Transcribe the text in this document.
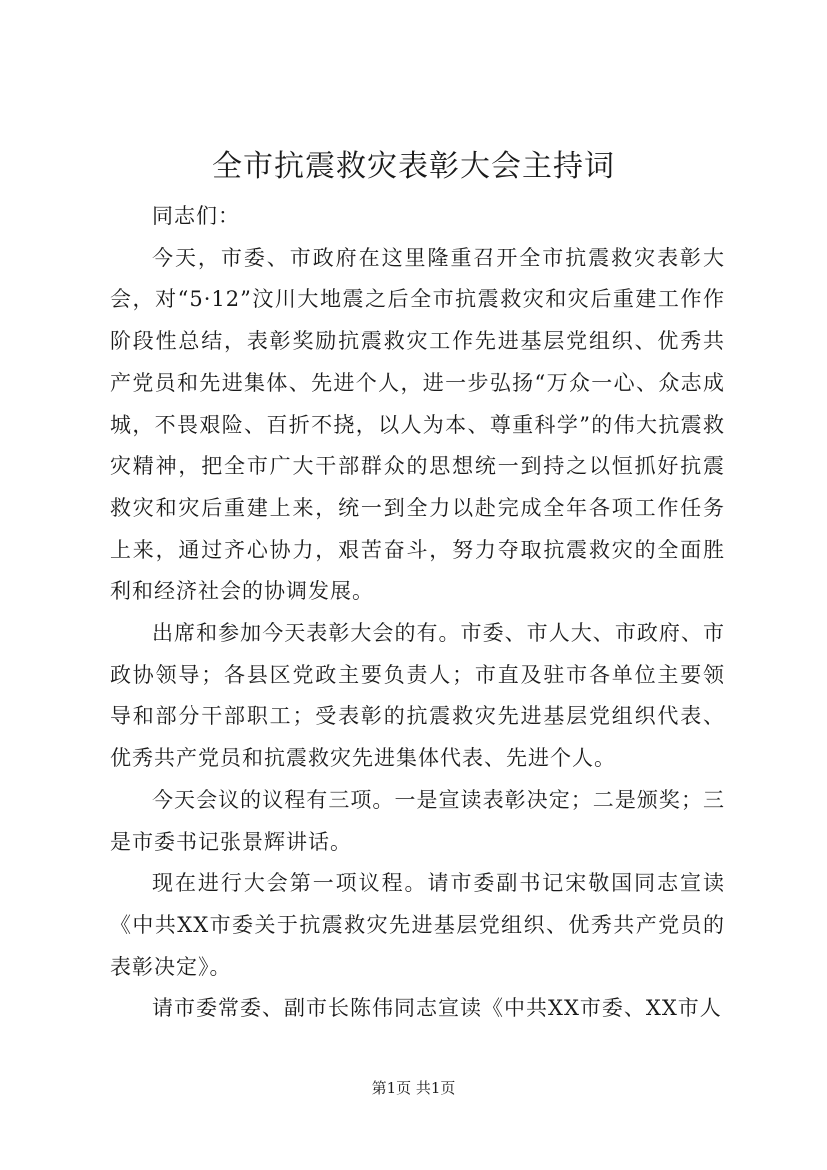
全市抗震救灾表彰大会主持词

同志们：

今天，市委、市政府在这里隆重召开全市抗震救灾表彰大会，对“5·12”汶川大地震之后全市抗震救灾和灾后重建工作作阶段性总结，表彰奖励抗震救灾工作先进基层党组织、优秀共产党员和先进集体、先进个人，进一步弘扬“万众一心、众志成城，不畏艰险、百折不挠，以人为本、尊重科学”的伟大抗震救灾精神，把全市广大干部群众的思想统一到持之以恒抓好抗震救灾和灾后重建上来，统一到全力以赴完成全年各项工作任务上来，通过齐心协力，艰苦奋斗，努力夺取抗震救灾的全面胜利和经济社会的协调发展。

出席和参加今天表彰大会的有。市委、市人大、市政府、市政协领导；各县区党政主要负责人；市直及驻市各单位主要领导和部分干部职工；受表彰的抗震救灾先进基层党组织代表、优秀共产党员和抗震救灾先进集体代表、先进个人。

今天会议的议程有三项。一是宣读表彰决定；二是颁奖；三是市委书记张景辉讲话。

现在进行大会第一项议程。请市委副书记宋敬国同志宣读《中共XX市委关于抗震救灾先进基层党组织、优秀共产党员的表彰决定》。

请市委常委、副市长陈伟同志宣读《中共XX市委、XX市人

第1页 共1页
